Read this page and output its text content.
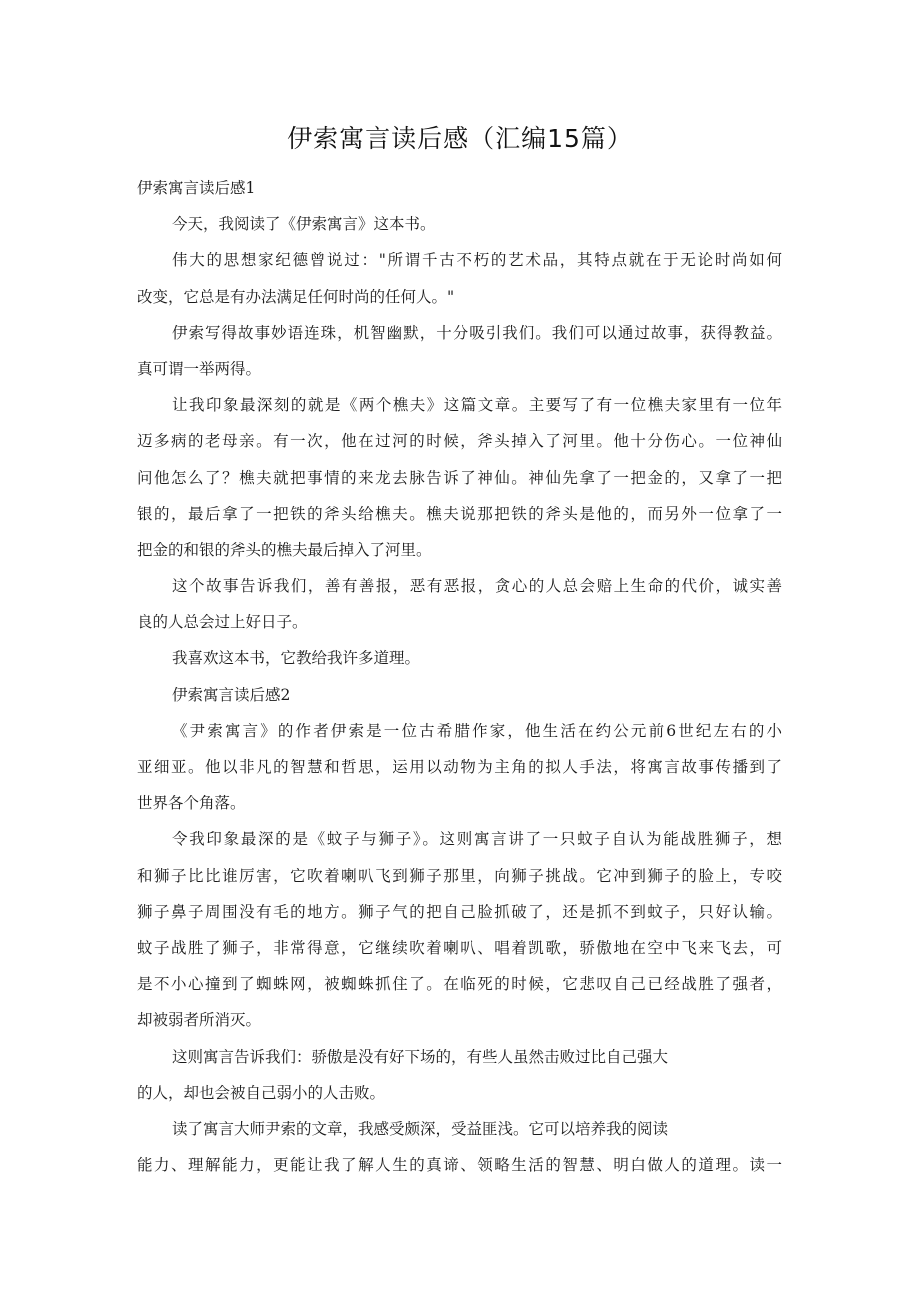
伊索寓言读后感（汇编15篇）
伊索寓言读后感1
今天，我阅读了《伊索寓言》这本书。
伟大的思想家纪德曾说过："所谓千古不朽的艺术品，其特点就在于无论时尚如何
改变，它总是有办法满足任何时尚的任何人。"
伊索写得故事妙语连珠，机智幽默，十分吸引我们。我们可以通过故事，获得教益。
真可谓一举两得。
让我印象最深刻的就是《两个樵夫》这篇文章。主要写了有一位樵夫家里有一位年
迈多病的老母亲。有一次，他在过河的时候，斧头掉入了河里。他十分伤心。一位神仙
问他怎么了？樵夫就把事情的来龙去脉告诉了神仙。神仙先拿了一把金的，又拿了一把
银的，最后拿了一把铁的斧头给樵夫。樵夫说那把铁的斧头是他的，而另外一位拿了一
把金的和银的斧头的樵夫最后掉入了河里。
这个故事告诉我们，善有善报，恶有恶报，贪心的人总会赔上生命的代价，诚实善
良的人总会过上好日子。
我喜欢这本书，它教给我许多道理。
伊索寓言读后感2
《尹索寓言》的作者伊索是一位古希腊作家，他生活在约公元前6世纪左右的小
亚细亚。他以非凡的智慧和哲思，运用以动物为主角的拟人手法，将寓言故事传播到了
世界各个角落。
令我印象最深的是《蚊子与狮子》。这则寓言讲了一只蚊子自认为能战胜狮子，想
和狮子比比谁厉害，它吹着喇叭飞到狮子那里，向狮子挑战。它冲到狮子的脸上，专咬
狮子鼻子周围没有毛的地方。狮子气的把自己脸抓破了，还是抓不到蚊子，只好认输。
蚊子战胜了狮子，非常得意，它继续吹着喇叭、唱着凯歌，骄傲地在空中飞来飞去，可
是不小心撞到了蜘蛛网，被蜘蛛抓住了。在临死的时候，它悲叹自己已经战胜了强者，
却被弱者所消灭。
这则寓言告诉我们：骄傲是没有好下场的，有些人虽然击败过比自己强大
的人，却也会被自己弱小的人击败。
读了寓言大师尹索的文章，我感受颇深，受益匪浅。它可以培养我的阅读
能力、理解能力，更能让我了解人生的真谛、领略生活的智慧、明白做人的道理。读一
